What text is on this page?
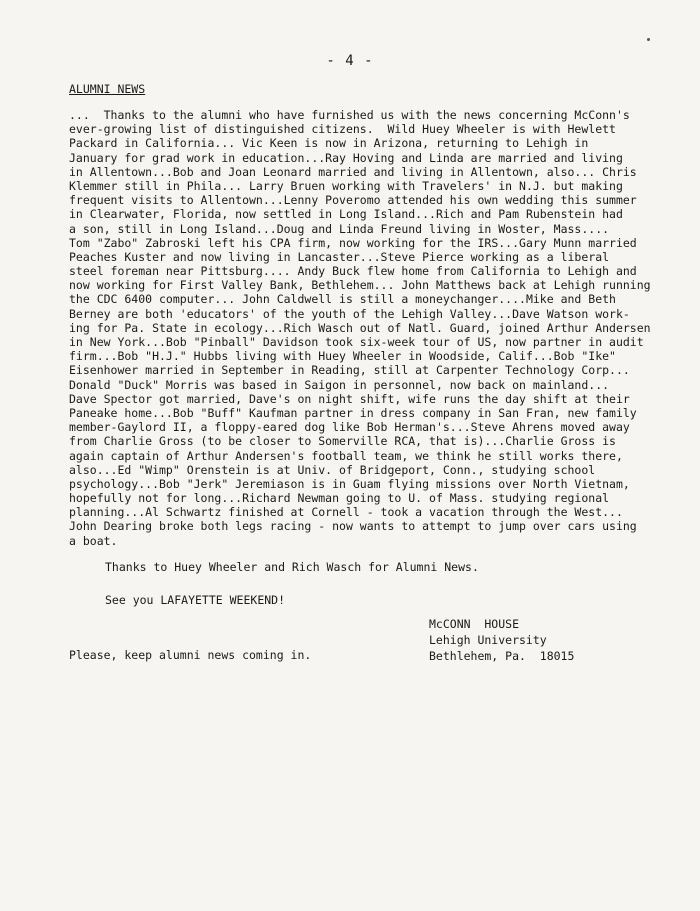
- 4 -
ALUMNI NEWS
...  Thanks to the alumni who have furnished us with the news concerning McConn's
ever-growing list of distinguished citizens.  Wild Huey Wheeler is with Hewlett
Packard in California... Vic Keen is now in Arizona, returning to Lehigh in
January for grad work in education...Ray Hoving and Linda are married and living
in Allentown...Bob and Joan Leonard married and living in Allentown, also... Chris
Klemmer still in Phila... Larry Bruen working with Travelers' in N.J. but making
frequent visits to Allentown...Lenny Poveromo attended his own wedding this summer
in Clearwater, Florida, now settled in Long Island...Rich and Pam Rubenstein had
a son, still in Long Island...Doug and Linda Freund living in Woster, Mass....
Tom "Zabo" Zabroski left his CPA firm, now working for the IRS...Gary Munn married
Peaches Kuster and now living in Lancaster...Steve Pierce working as a liberal
steel foreman near Pittsburg.... Andy Buck flew home from California to Lehigh and
now working for First Valley Bank, Bethlehem... John Matthews back at Lehigh running
the CDC 6400 computer... John Caldwell is still a moneychanger....Mike and Beth
Berney are both 'educators' of the youth of the Lehigh Valley...Dave Watson work-
ing for Pa. State in ecology...Rich Wasch out of Natl. Guard, joined Arthur Andersen
in New York...Bob "Pinball" Davidson took six-week tour of US, now partner in audit
firm...Bob "H.J." Hubbs living with Huey Wheeler in Woodside, Calif...Bob "Ike"
Eisenhower married in September in Reading, still at Carpenter Technology Corp...
Donald "Duck" Morris was based in Saigon in personnel, now back on mainland...
Dave Spector got married, Dave's on night shift, wife runs the day shift at their
Paneake home...Bob "Buff" Kaufman partner in dress company in San Fran, new family
member-Gaylord II, a floppy-eared dog like Bob Herman's...Steve Ahrens moved away
from Charlie Gross (to be closer to Somerville RCA, that is)...Charlie Gross is
again captain of Arthur Andersen's football team, we think he still works there,
also...Ed "Wimp" Orenstein is at Univ. of Bridgeport, Conn., studying school
psychology...Bob "Jerk" Jeremiason is in Guam flying missions over North Vietnam,
hopefully not for long...Richard Newman going to U. of Mass. studying regional
planning...Al Schwartz finished at Cornell - took a vacation through the West...
John Dearing broke both legs racing - now wants to attempt to jump over cars using
a boat.
Thanks to Huey Wheeler and Rich Wasch for Alumni News.
See you LAFAYETTE WEEKEND!
McCONN  HOUSE
Lehigh University
Bethlehem, Pa.  18015
Please, keep alumni news coming in.
